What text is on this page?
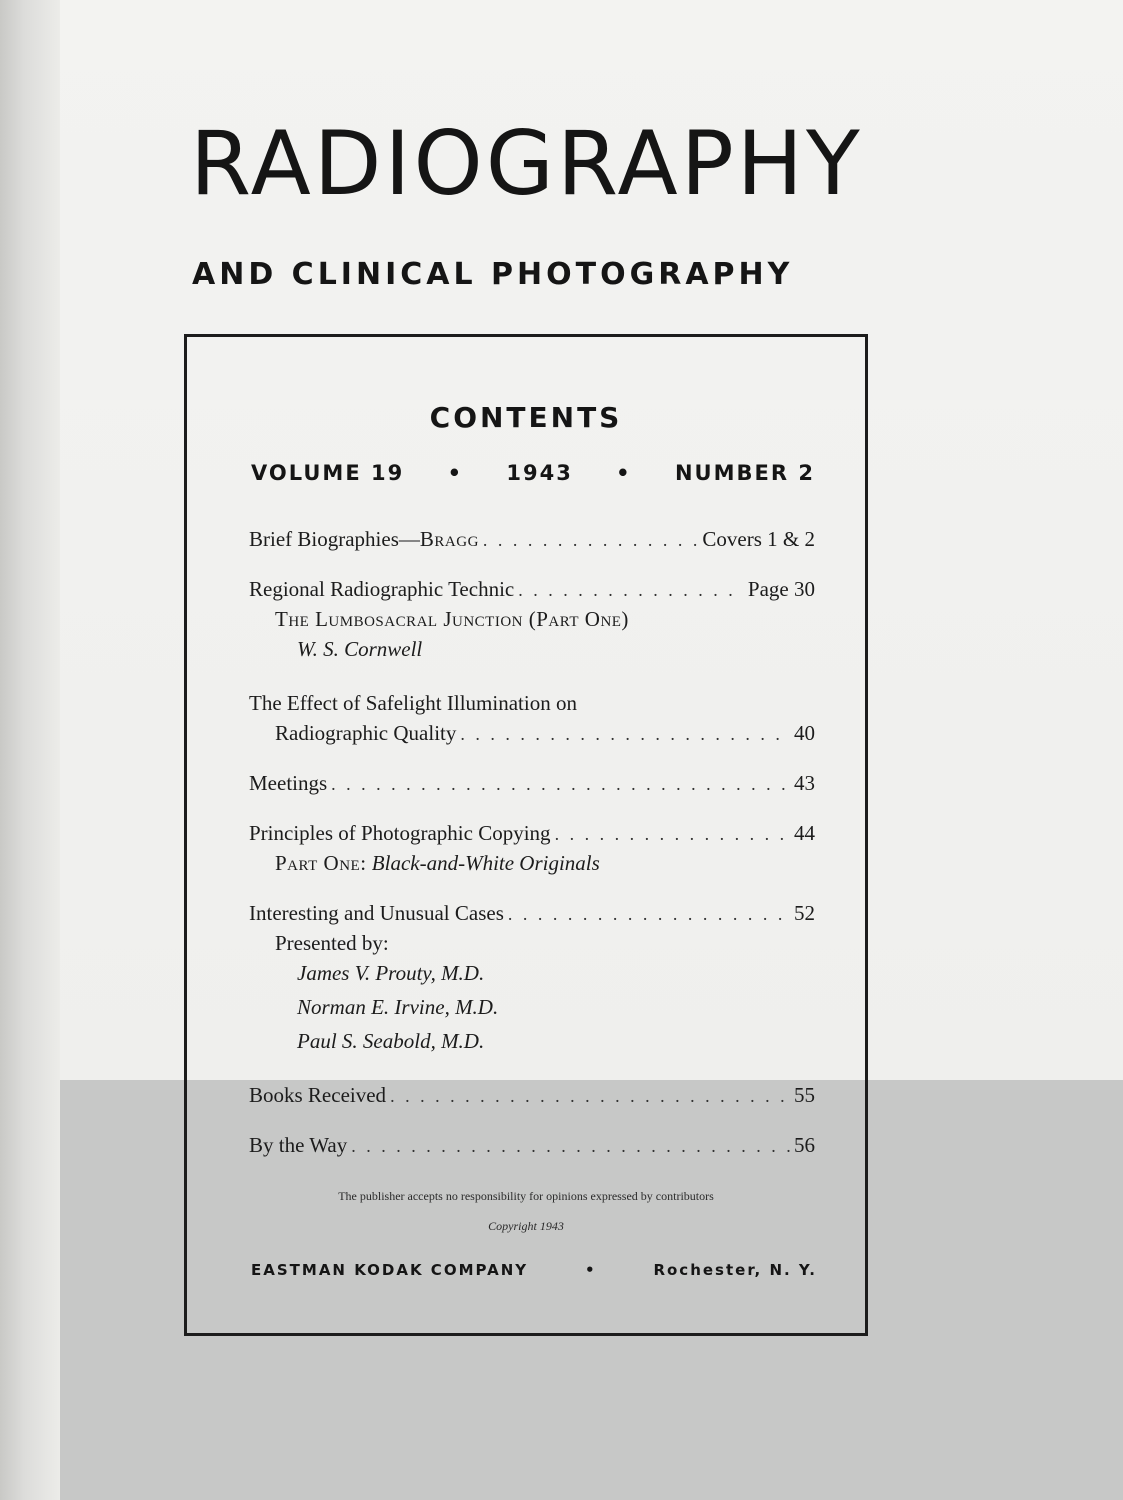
RADIOGRAPHY
AND CLINICAL PHOTOGRAPHY
CONTENTS
VOLUME 19 • 1943 • NUMBER 2
Brief Biographies—Bragg . . .	Covers 1 & 2
Regional Radiographic Technic . . .	Page 30
The Lumbosacral Junction (Part One)
W. S. Cornwell
The Effect of Safelight Illumination on
Radiographic Quality . . .	40
Meetings . . .	43
Principles of Photographic Copying . . .	44
Part One: Black-and-White Originals
Interesting and Unusual Cases . . .	52
Presented by:
James V. Prouty, M.D.
Norman E. Irvine, M.D.
Paul S. Seabold, M.D.
Books Received . . .	55
By the Way . . .	56
The publisher accepts no responsibility for opinions expressed by contributors
Copyright 1943
EASTMAN KODAK COMPANY	•	Rochester, N. Y.
